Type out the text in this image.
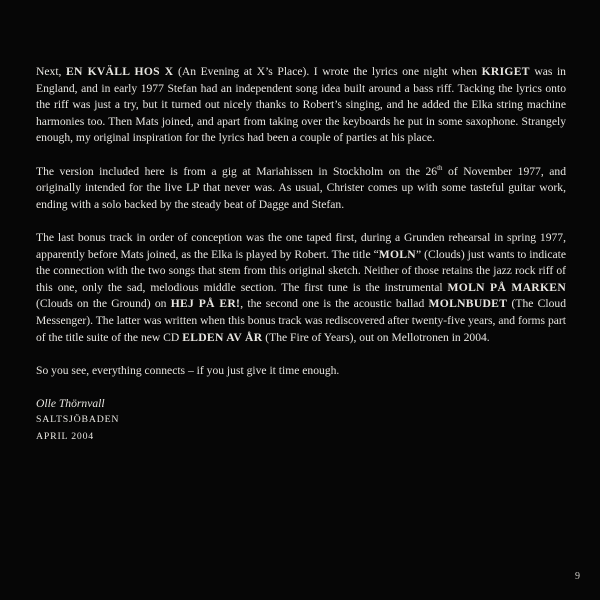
Next, EN KVÄLL HOS X (An Evening at X’s Place). I wrote the lyrics one night when KRIGET was in England, and in early 1977 Stefan had an independent song idea built around a bass riff. Tacking the lyrics onto the riff was just a try, but it turned out nicely thanks to Robert’s singing, and he added the Elka string machine harmonies too. Then Mats joined, and apart from taking over the keyboards he put in some saxophone. Strangely enough, my original inspiration for the lyrics had been a couple of parties at his place.

The version included here is from a gig at Mariahissen in Stockholm on the 26th of November 1977, and originally intended for the live LP that never was. As usual, Christer comes up with some tasteful guitar work, ending with a solo backed by the steady beat of Dagge and Stefan.

The last bonus track in order of conception was the one taped first, during a Grunden rehearsal in spring 1977, apparently before Mats joined, as the Elka is played by Robert. The title “MOLN” (Clouds) just wants to indicate the connection with the two songs that stem from this original sketch. Neither of those retains the jazz rock riff of this one, only the sad, melodious middle section. The first tune is the instrumental MOLN PÅ MARKEN (Clouds on the Ground) on HEJ PÅ ER!, the second one is the acoustic ballad MOLNBUDET (The Cloud Messenger). The latter was written when this bonus track was rediscovered after twenty-five years, and forms part of the title suite of the new CD ELDEN AV ÅR (The Fire of Years), out on Mellotronen in 2004.

So you see, everything connects – if you just give it time enough.

Olle Thörnvall
SALTSJÖBADEN
APRIL 2004
9
